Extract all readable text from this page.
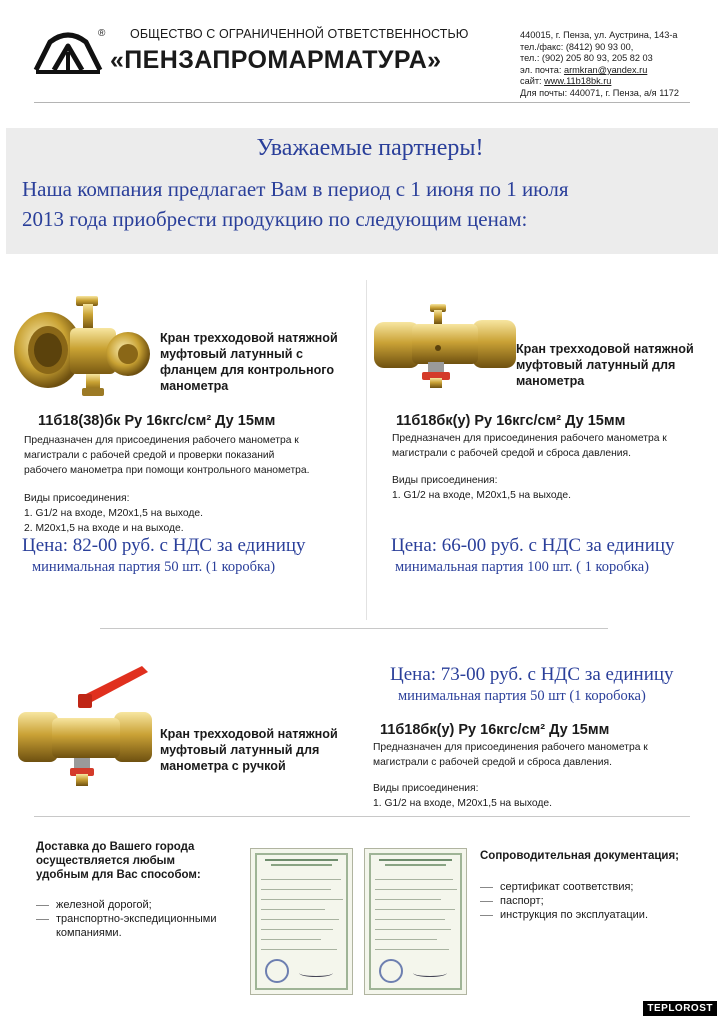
® ОБЩЕСТВО С ОГРАНИЧЕННОЙ ОТВЕТСТВЕННОСТЬЮ
«ПЕНЗАПРОМАРМАТУРА»
440015, г. Пенза, ул. Аустрина, 143-а
тел./факс: (8412) 90 93 00,
тел.: (902) 205 80 93, 205 82 03
эл. почта: armkran@yandex.ru
сайт: www.11b18bk.ru
Для почты: 440071, г. Пенза, а/я 1172
Уважаемые партнеры!
Наша компания предлагает Вам в период с 1 июня по 1 июля
2013 года приобрести продукцию по следующим ценам:
Кран трехходовой натяжной
муфтовый латунный с
фланцем для контрольного
манометра
11б18(38)бк Ру 16кгс/см² Ду 15мм
Предназначен для присоединения рабочего манометра к
магистрали с рабочей средой и проверки показаний
рабочего манометра при помощи контрольного манометра.
Виды присоединения:
1. G1/2 на входе, М20х1,5 на выходе.
2. М20х1,5 на входе и на выходе.
Цена: 82-00 руб. с НДС за единицу
минимальная партия 50 шт. (1 коробка)
Кран трехходовой натяжной
муфтовый латунный для
манометра
11б18бк(у) Ру 16кгс/см² Ду 15мм
Предназначен для присоединения рабочего манометра к
магистрали с рабочей средой и сброса давления.
Виды присоединения:
1. G1/2 на входе, М20х1,5 на выходе.
Цена: 66-00 руб. с НДС за единицу
минимальная партия 100 шт. ( 1 коробка)
Цена: 73-00 руб. с НДС за единицу
минимальная партия 50 шт (1 коробока)
Кран трехходовой натяжной
муфтовый латунный для
манометра с ручкой
11б18бк(у) Ру 16кгс/см² Ду 15мм
Предназначен для присоединения рабочего манометра к
магистрали с рабочей средой и сброса давления.
Виды присоединения:
1. G1/2 на входе, М20х1,5 на выходе.
Доставка до Вашего города
осуществляется любым
удобным для Вас способом:
железной дорогой;
транспортно-экспедиционными
компаниями.
Сопроводительная документация;
сертификат соответствия;
паспорт;
инструкция по эксплуатации.
TEPLOROST
